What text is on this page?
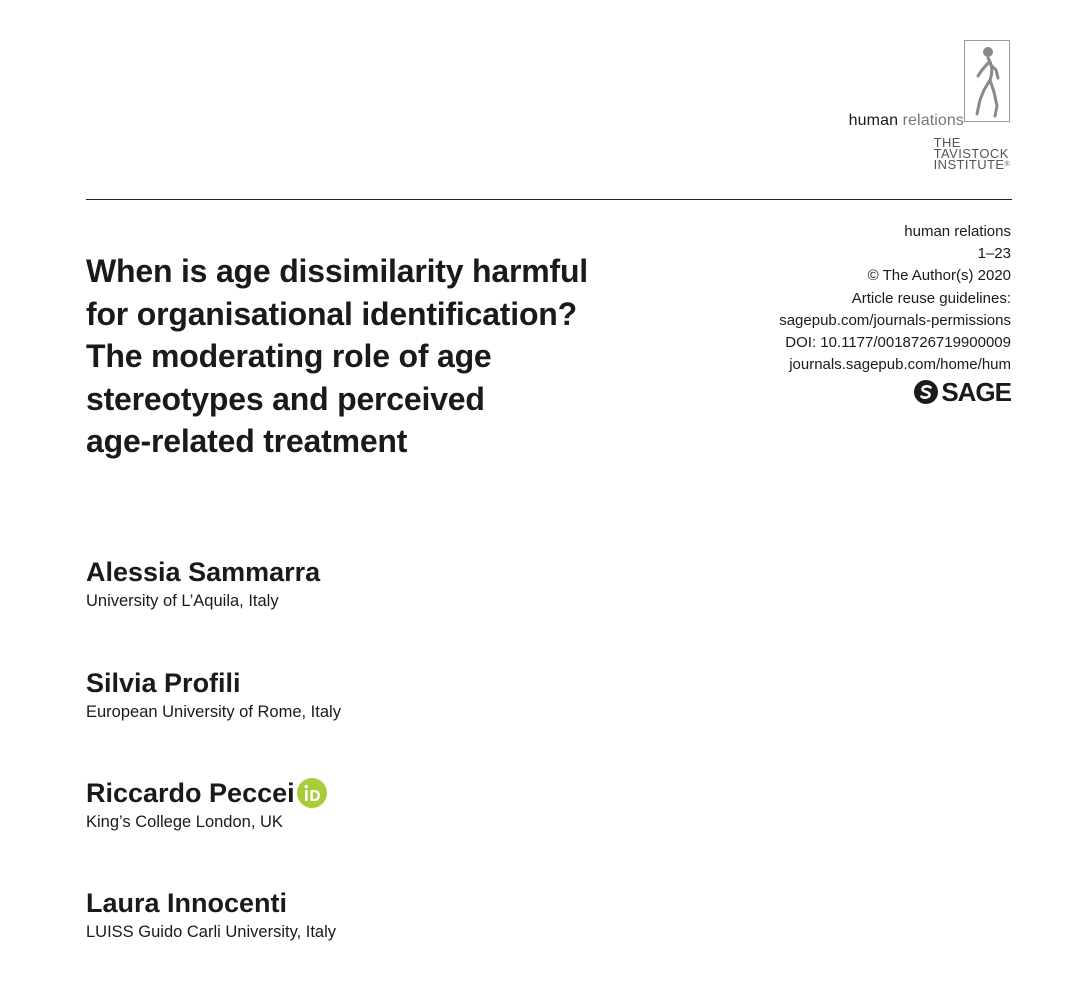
human relations
THE
TAVISTOCK
INSTITUTE®
human relations
1–23
© The Author(s) 2020
Article reuse guidelines:
sagepub.com/journals-permissions
DOI: 10.1177/0018726719900009
journals.sagepub.com/home/hum
SAGE
When is age dissimilarity harmful
for organisational identification?
The moderating role of age
stereotypes and perceived
age-related treatment
Alessia Sammarra
University of L’Aquila, Italy
Silvia Profili
European University of Rome, Italy
Riccardo Peccei
King’s College London, UK
Laura Innocenti
LUISS Guido Carli University, Italy
